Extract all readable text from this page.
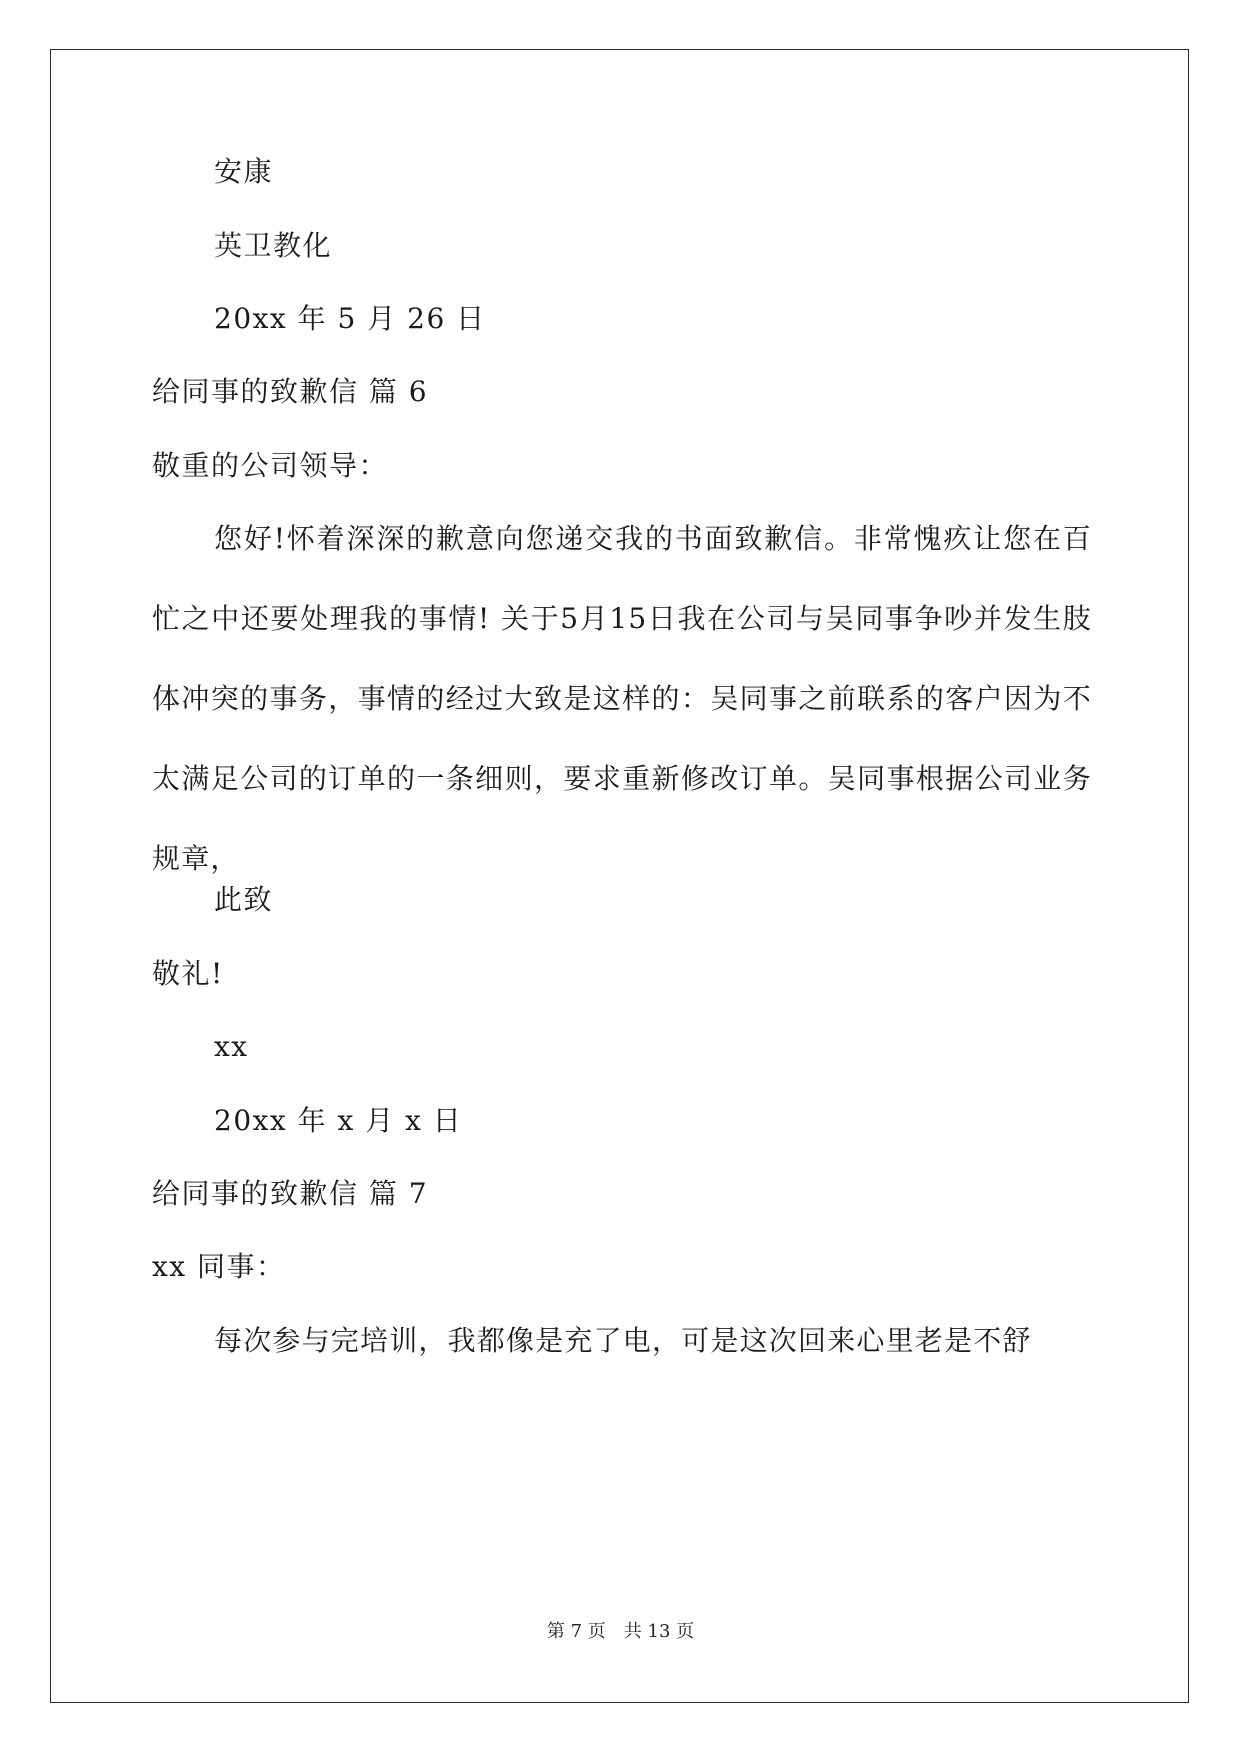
安康
英卫教化
20xx 年 5 月 26 日
给同事的致歉信 篇 6
敬重的公司领导：
您好!怀着深深的歉意向您递交我的书面致歉信。非常愧疚让您在百忙之中还要处理我的事情! 关于5月15日我在公司与吴同事争吵并发生肢体冲突的事务，事情的经过大致是这样的：吴同事之前联系的客户因为不太满足公司的订单的一条细则，要求重新修改订单。吴同事根据公司业务规章，
此致
敬礼!
xx
20xx 年 x 月 x 日
给同事的致歉信 篇 7
xx 同事：
每次参与完培训，我都像是充了电，可是这次回来心里老是不舒
第 7 页　共 13 页
